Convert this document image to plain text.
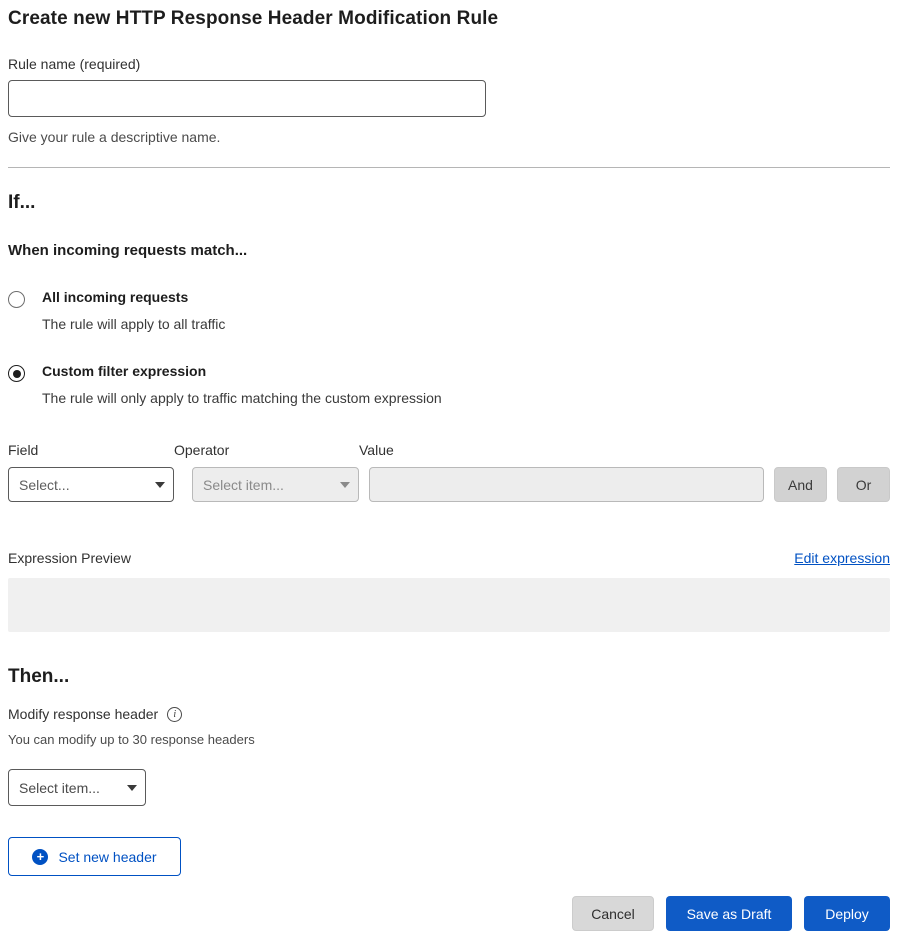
Create new HTTP Response Header Modification Rule
Rule name (required)
Give your rule a descriptive name.
If...
When incoming requests match...
All incoming requests
The rule will apply to all traffic
Custom filter expression
The rule will only apply to traffic matching the custom expression
Field
Select...
Operator
Select item...
Value
And	Or
Expression Preview	Edit expression
Then...
Modify response header	i
You can modify up to 30 response headers
Select item...
+	Set new header
Cancel	Save as Draft	Deploy
